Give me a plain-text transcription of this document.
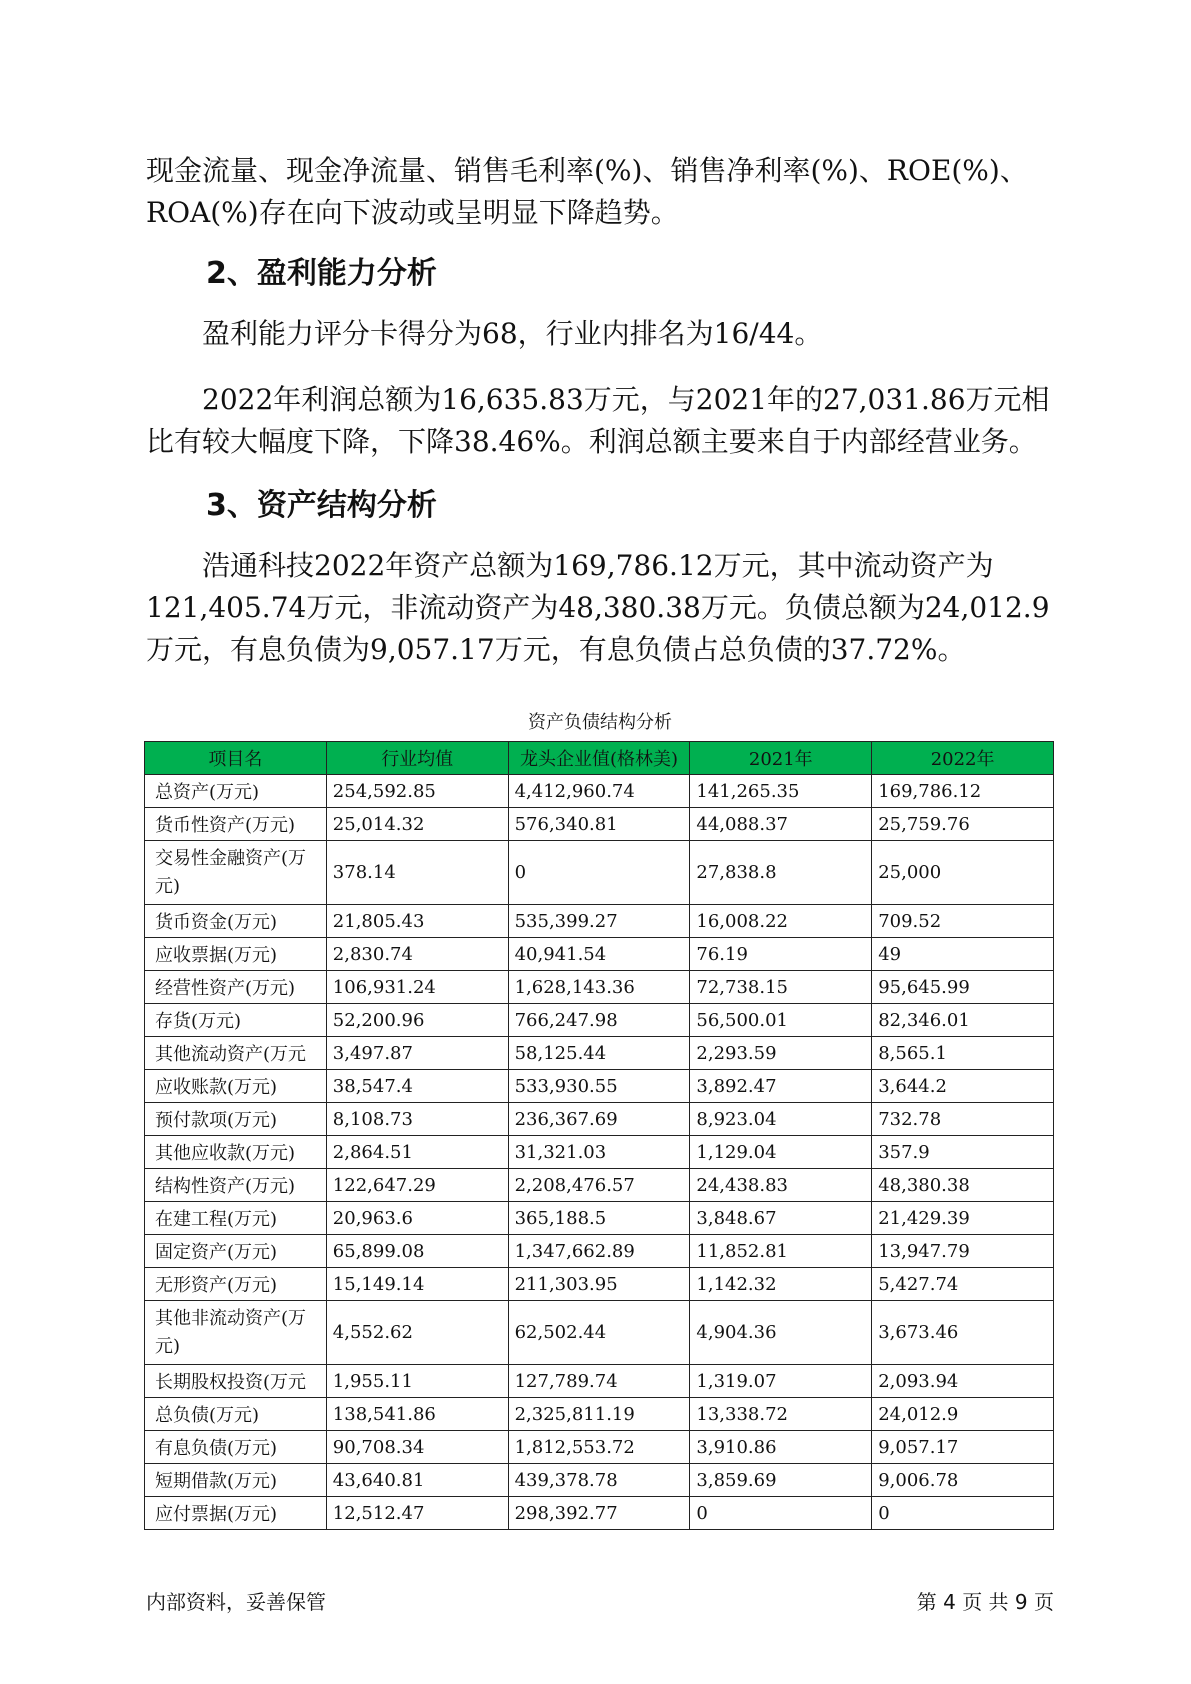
现金流量、现金净流量、销售毛利率(%)、销售净利率(%)、ROE(%)、ROA(%)存在向下波动或呈明显下降趋势。

2、盈利能力分析

盈利能力评分卡得分为68，行业内排名为16/44。

2022年利润总额为16,635.83万元，与2021年的27,031.86万元相比有较大幅度下降，下降38.46%。利润总额主要来自于内部经营业务。

3、资产结构分析

浩通科技2022年资产总额为169,786.12万元，其中流动资产为121,405.74万元，非流动资产为48,380.38万元。负债总额为24,012.9万元，有息负债为9,057.17万元，有息负债占总负债的37.72%。

资产负债结构分析
项目名	行业均值	龙头企业值(格林美)	2021年	2022年
总资产(万元)	254,592.85	4,412,960.74	141,265.35	169,786.12
货币性资产(万元)	25,014.32	576,340.81	44,088.37	25,759.76
交易性金融资产(万元)	378.14	0	27,838.8	25,000
货币资金(万元)	21,805.43	535,399.27	16,008.22	709.52
应收票据(万元)	2,830.74	40,941.54	76.19	49
经营性资产(万元)	106,931.24	1,628,143.36	72,738.15	95,645.99
存货(万元)	52,200.96	766,247.98	56,500.01	82,346.01
其他流动资产(万元	3,497.87	58,125.44	2,293.59	8,565.1
应收账款(万元)	38,547.4	533,930.55	3,892.47	3,644.2
预付款项(万元)	8,108.73	236,367.69	8,923.04	732.78
其他应收款(万元)	2,864.51	31,321.03	1,129.04	357.9
结构性资产(万元)	122,647.29	2,208,476.57	24,438.83	48,380.38
在建工程(万元)	20,963.6	365,188.5	3,848.67	21,429.39
固定资产(万元)	65,899.08	1,347,662.89	11,852.81	13,947.79
无形资产(万元)	15,149.14	211,303.95	1,142.32	5,427.74
其他非流动资产(万元)	4,552.62	62,502.44	4,904.36	3,673.46
长期股权投资(万元	1,955.11	127,789.74	1,319.07	2,093.94
总负债(万元)	138,541.86	2,325,811.19	13,338.72	24,012.9
有息负债(万元)	90,708.34	1,812,553.72	3,910.86	9,057.17
短期借款(万元)	43,640.81	439,378.78	3,859.69	9,006.78
应付票据(万元)	12,512.47	298,392.77	0	0
内部资料，妥善保管	第 4 页 共 9 页
